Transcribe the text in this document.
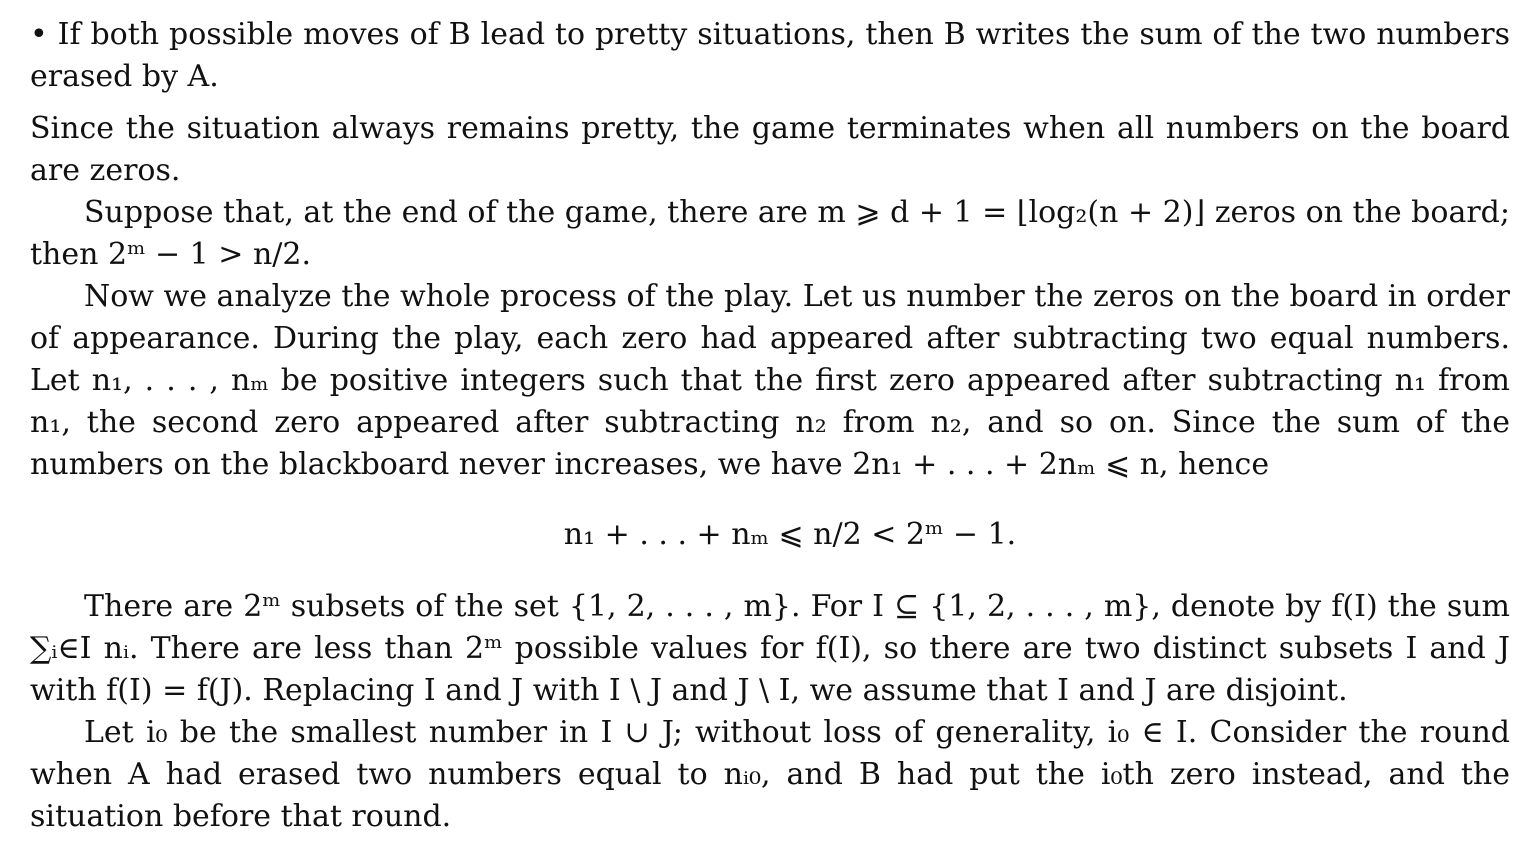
• If both possible moves of B lead to pretty situations, then B writes the sum of the two numbers erased by A.

Since the situation always remains pretty, the game terminates when all numbers on the board are zeros.

Suppose that, at the end of the game, there are m ⩾ d + 1 = ⌊log₂(n + 2)⌋ zeros on the board; then 2ᵐ − 1 > n/2.

Now we analyze the whole process of the play. Let us number the zeros on the board in order of appearance. During the play, each zero had appeared after subtracting two equal numbers. Let n₁, . . . , nₘ be positive integers such that the first zero appeared after subtracting n₁ from n₁, the second zero appeared after subtracting n₂ from n₂, and so on. Since the sum of the numbers on the blackboard never increases, we have 2n₁ + . . . + 2nₘ ⩽ n, hence

n₁ + . . . + nₘ ⩽ n/2 < 2ᵐ − 1.

There are 2ᵐ subsets of the set {1, 2, . . . , m}. For I ⊆ {1, 2, . . . , m}, denote by f(I) the sum ∑ᵢ∈I nᵢ. There are less than 2ᵐ possible values for f(I), so there are two distinct subsets I and J with f(I) = f(J). Replacing I and J with I \ J and J \ I, we assume that I and J are disjoint.

Let i₀ be the smallest number in I ∪ J; without loss of generality, i₀ ∈ I. Consider the round when A had erased two numbers equal to nᵢ₀, and B had put the i₀th zero instead, and the situation before that round.
